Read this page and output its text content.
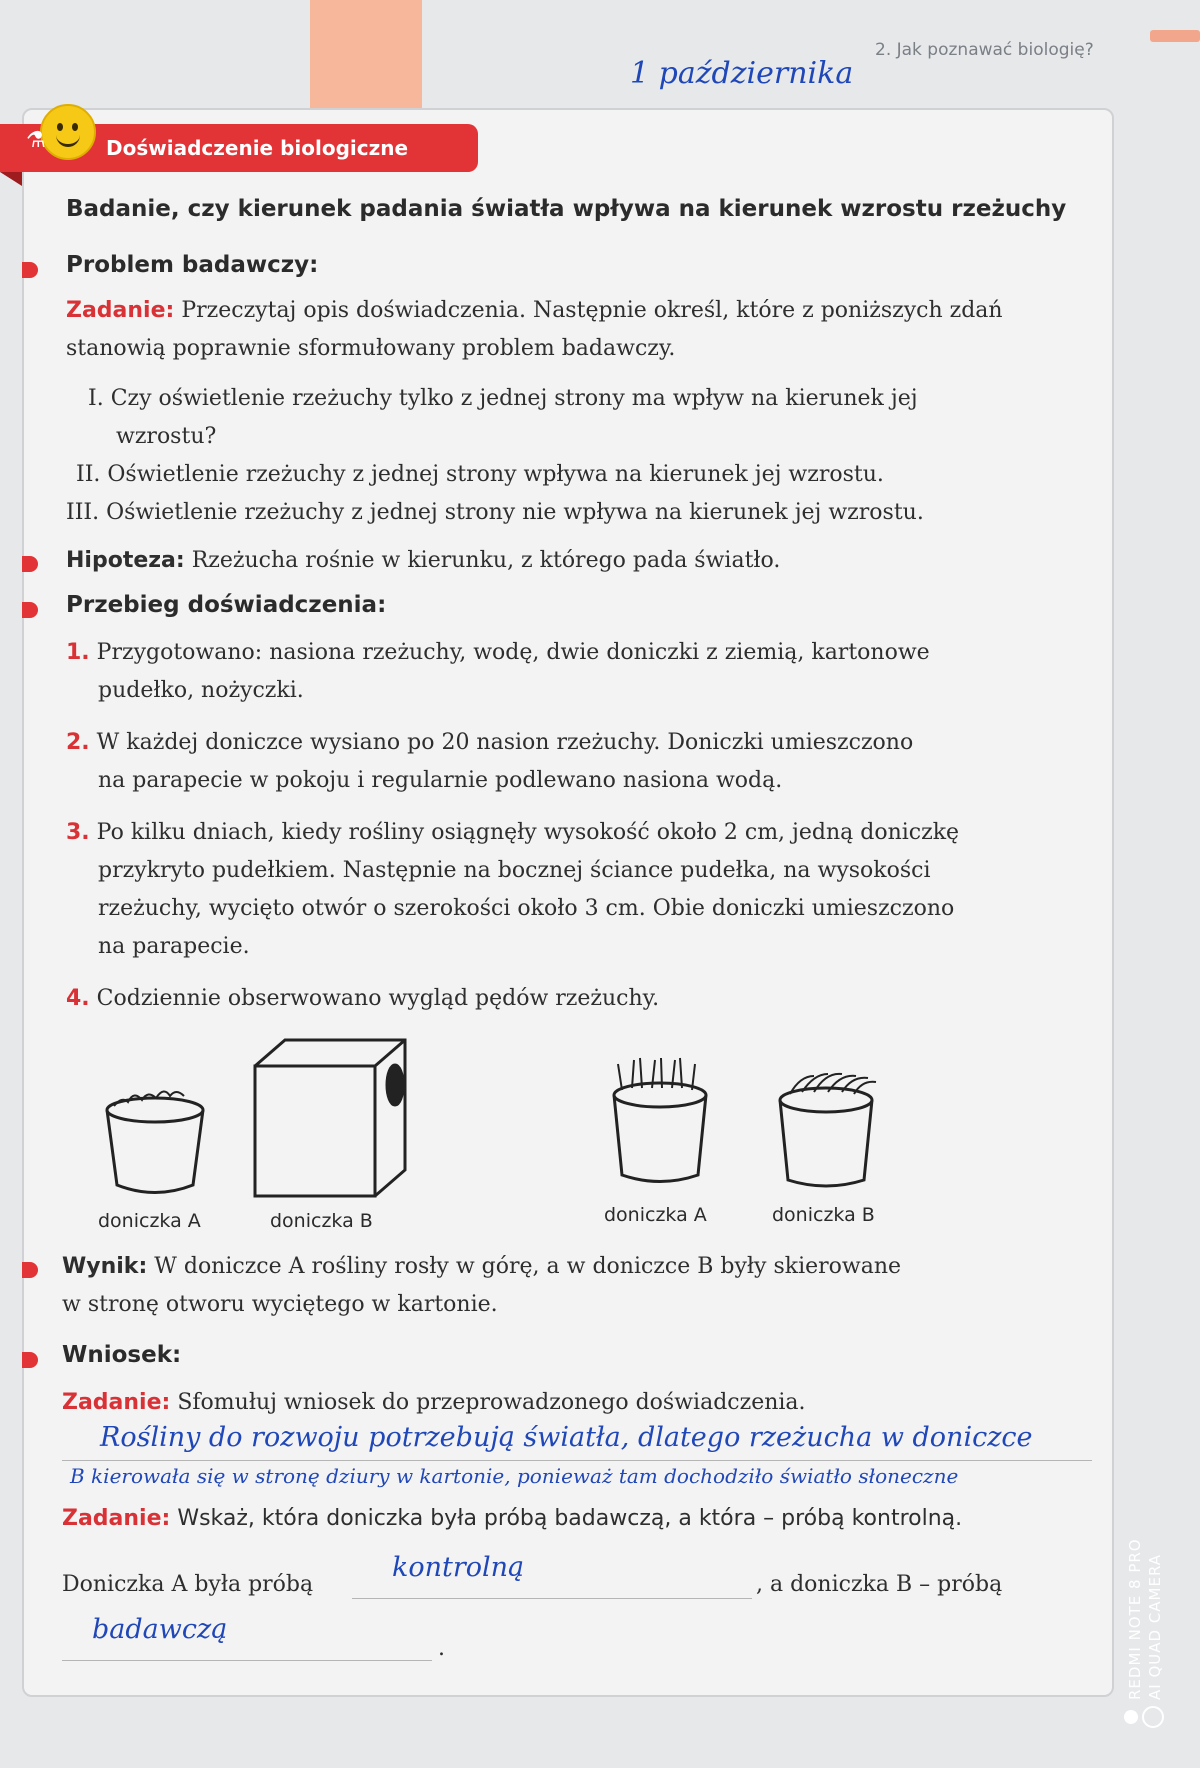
2. Jak poznawać biologię?
1 października
Doświadczenie biologiczne
⚗
Badanie, czy kierunek padania światła wpływa na kierunek wzrostu rzeżuchy
Problem badawczy:
Zadanie: Przeczytaj opis doświadczenia. Następnie określ, które z poniższych zdań
stanowią poprawnie sformułowany problem badawczy.
I. Czy oświetlenie rzeżuchy tylko z jednej strony ma wpływ na kierunek jej
wzrostu?
II. Oświetlenie rzeżuchy z jednej strony wpływa na kierunek jej wzrostu.
III. Oświetlenie rzeżuchy z jednej strony nie wpływa na kierunek jej wzrostu.
Hipoteza: Rzeżucha rośnie w kierunku, z którego pada światło.
Przebieg doświadczenia:
1. Przygotowano: nasiona rzeżuchy, wodę, dwie doniczki z ziemią, kartonowe
pudełko, nożyczki.
2. W każdej doniczce wysiano po 20 nasion rzeżuchy. Doniczki umieszczono
na parapecie w pokoju i regularnie podlewano nasiona wodą.
3. Po kilku dniach, kiedy rośliny osiągnęły wysokość około 2 cm, jedną doniczkę
przykryto pudełkiem. Następnie na bocznej ściance pudełka, na wysokości
rzeżuchy, wycięto otwór o szerokości około 3 cm. Obie doniczki umieszczono
na parapecie.
4. Codziennie obserwowano wygląd pędów rzeżuchy.
doniczka A	doniczka B	doniczka A	doniczka B
Wynik: W doniczce A rośliny rosły w górę, a w doniczce B były skierowane
w stronę otworu wyciętego w kartonie.
Wniosek:
Zadanie: Sfomułuj wniosek do przeprowadzonego doświadczenia.
Rośliny do rozwoju potrzebują światła, dlatego rzeżucha w doniczce
B kierowała się w stronę dziury w kartonie, ponieważ tam dochodziło światło słoneczne
Zadanie: Wskaż, która doniczka była próbą badawczą, a która – próbą kontrolną.
Doniczka A była próbą
kontrolną
, a doniczka B – próbą
badawczą
.	REDMI NOTE 8 PRO AI QUAD CAMERA
